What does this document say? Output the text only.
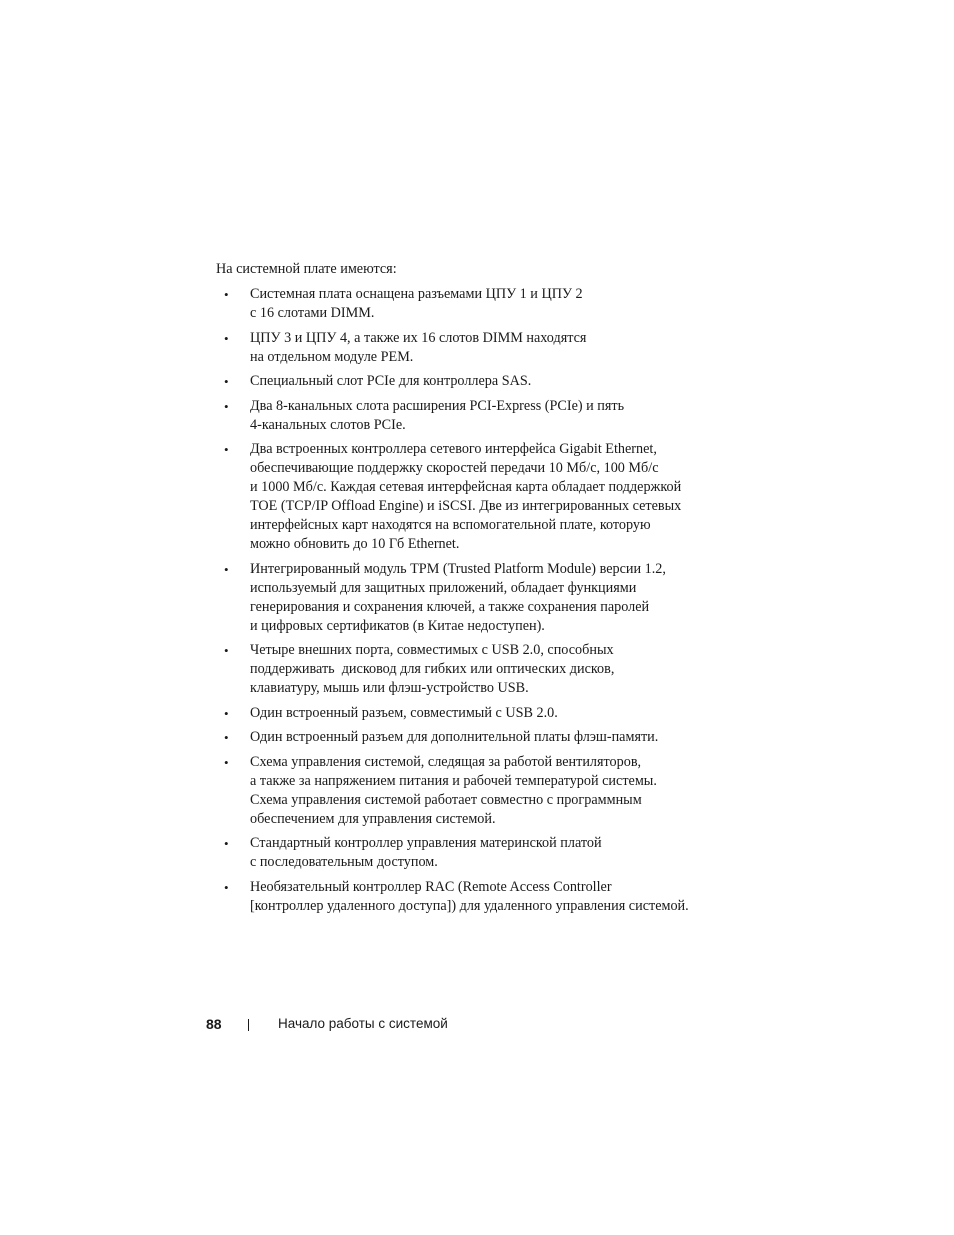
На системной плате имеются:

• Системная плата оснащена разъемами ЦПУ 1 и ЦПУ 2
с 16 слотами DIMM.
• ЦПУ 3 и ЦПУ 4, а также их 16 слотов DIMM находятся
на отдельном модуле PEM.
• Специальный слот PCIe для контроллера SAS.
• Два 8-канальных слота расширения PCI-Express (PCIe) и пять
4-канальных слотов PCIe.
• Два встроенных контроллера сетевого интерфейса Gigabit Ethernet,
обеспечивающие поддержку скоростей передачи 10 Мб/с, 100 Мб/с
и 1000 Мб/с. Каждая сетевая интерфейсная карта обладает поддержкой
TOE (TCP/IP Offload Engine) и iSCSI. Две из интегрированных сетевых
интерфейсных карт находятся на вспомогательной плате, которую
можно обновить до 10 Гб Ethernet.
• Интегрированный модуль TPM (Trusted Platform Module) версии 1.2,
используемый для защитных приложений, обладает функциями
генерирования и сохранения ключей, а также сохранения паролей
и цифровых сертификатов (в Китае недоступен).
• Четыре внешних порта, совместимых с USB 2.0, способных
поддерживать  дисковод для гибких или оптических дисков,
клавиатуру, мышь или флэш-устройство USB.
• Один встроенный разъем, совместимый с USB 2.0.
• Один встроенный разъем для дополнительной платы флэш-памяти.
• Схема управления системой, следящая за работой вентиляторов,
а также за напряжением питания и рабочей температурой системы.
Схема управления системой работает совместно с программным
обеспечением для управления системой.
• Стандартный контроллер управления материнской платой
с последовательным доступом.
• Необязательный контроллер RAC (Remote Access Controller
[контроллер удаленного доступа]) для удаленного управления системой.
88	Начало работы с системой
